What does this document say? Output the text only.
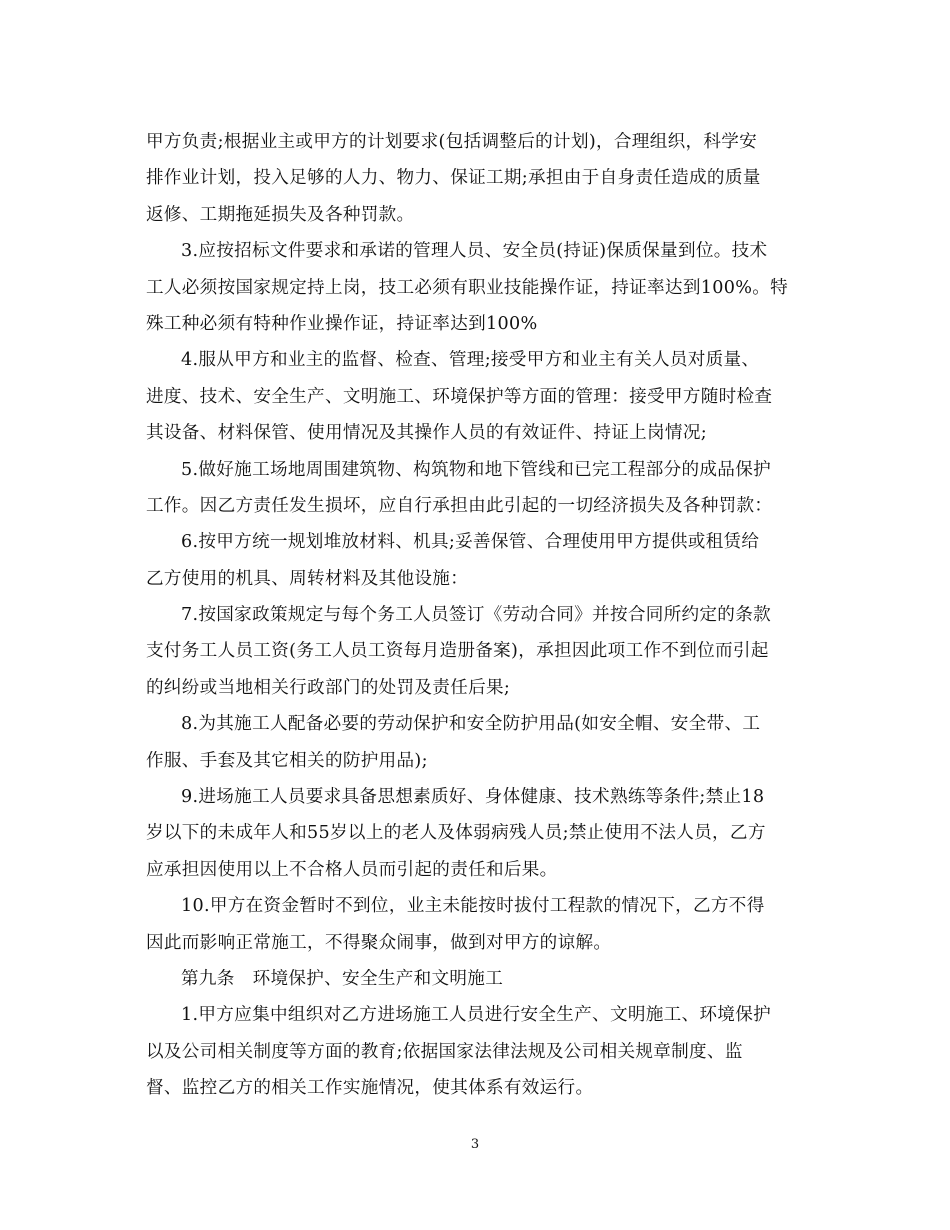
甲方负责;根据业主或甲方的计划要求(包括调整后的计划)，合理组织，科学安
排作业计划，投入足够的人力、物力、保证工期;承担由于自身责任造成的质量
返修、工期拖延损失及各种罚款。
3.应按招标文件要求和承诺的管理人员、安全员(持证)保质保量到位。技术
工人必须按国家规定持上岗，技工必须有职业技能操作证，持证率达到100%。特
殊工种必须有特种作业操作证，持证率达到100%
4.服从甲方和业主的监督、检查、管理;接受甲方和业主有关人员对质量、
进度、技术、安全生产、文明施工、环境保护等方面的管理：接受甲方随时检查
其设备、材料保管、使用情况及其操作人员的有效证件、持证上岗情况;
5.做好施工场地周围建筑物、构筑物和地下管线和已完工程部分的成品保护
工作。因乙方责任发生损坏，应自行承担由此引起的一切经济损失及各种罚款：
6.按甲方统一规划堆放材料、机具;妥善保管、合理使用甲方提供或租赁给
乙方使用的机具、周转材料及其他设施：
7.按国家政策规定与每个务工人员签订《劳动合同》并按合同所约定的条款
支付务工人员工资(务工人员工资每月造册备案)，承担因此项工作不到位而引起
的纠纷或当地相关行政部门的处罚及责任后果;
8.为其施工人配备必要的劳动保护和安全防护用品(如安全帽、安全带、工
作服、手套及其它相关的防护用品);
9.进场施工人员要求具备思想素质好、身体健康、技术熟练等条件;禁止18
岁以下的未成年人和55岁以上的老人及体弱病残人员;禁止使用不法人员，乙方
应承担因使用以上不合格人员而引起的责任和后果。
10.甲方在资金暂时不到位，业主未能按时拔付工程款的情况下，乙方不得
因此而影响正常施工，不得聚众闹事，做到对甲方的谅解。
第九条　环境保护、安全生产和文明施工
1.甲方应集中组织对乙方进场施工人员进行安全生产、文明施工、环境保护
以及公司相关制度等方面的教育;依据国家法律法规及公司相关规章制度、监
督、监控乙方的相关工作实施情况，使其体系有效运行。
3
